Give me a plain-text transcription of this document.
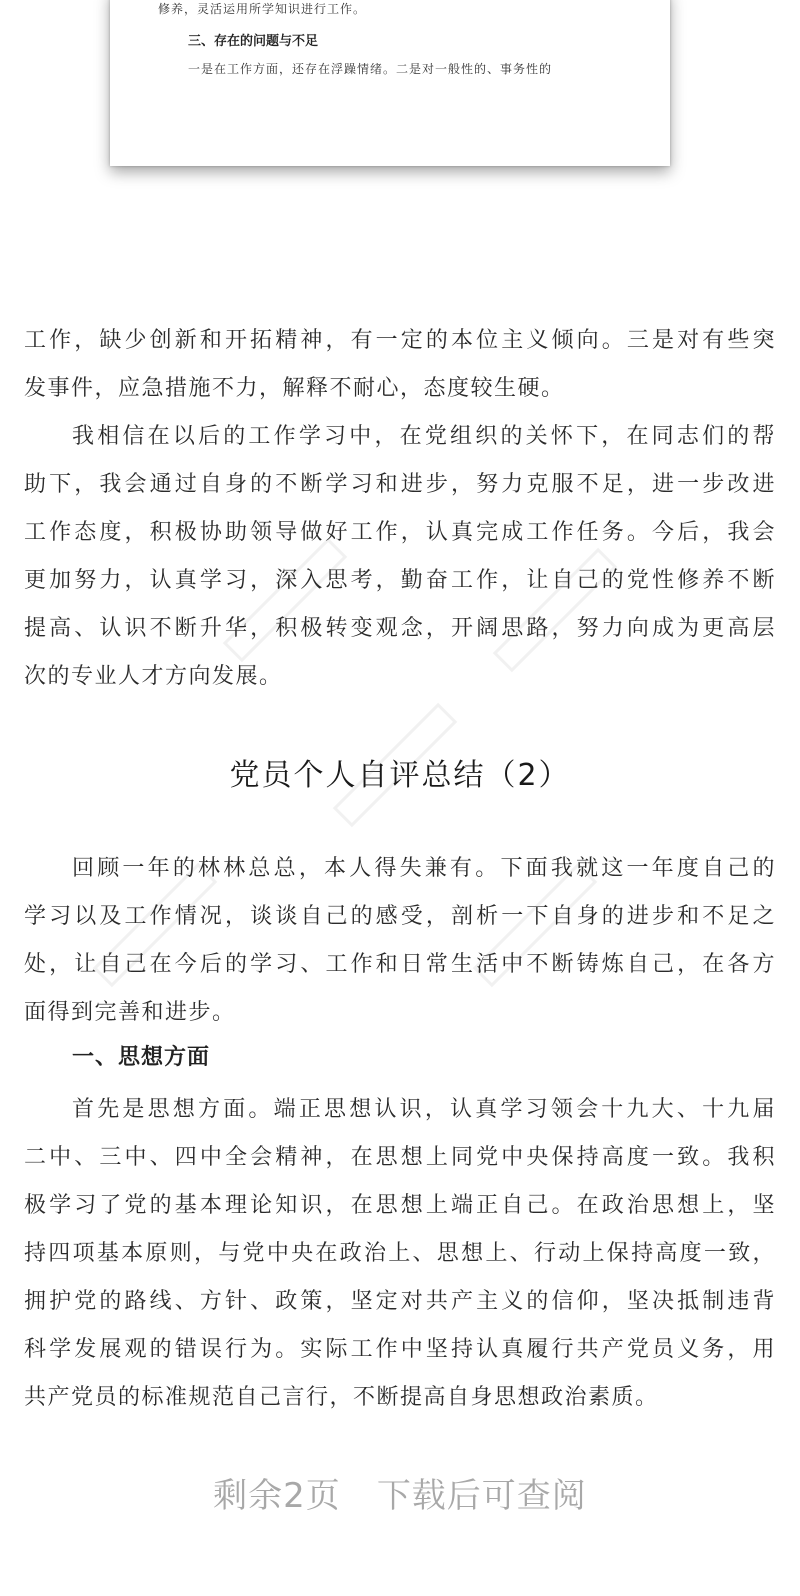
修养，灵活运用所学知识进行工作。
三、存在的问题与不足
一是在工作方面，还存在浮躁情绪。二是对一般性的、事务性的
工作，缺少创新和开拓精神，有一定的本位主义倾向。三是对有些突
发事件，应急措施不力，解释不耐心，态度较生硬。
我相信在以后的工作学习中，在党组织的关怀下，在同志们的帮
助下，我会通过自身的不断学习和进步，努力克服不足，进一步改进
工作态度，积极协助领导做好工作，认真完成工作任务。今后，我会
更加努力，认真学习，深入思考，勤奋工作，让自己的党性修养不断
提高、认识不断升华，积极转变观念，开阔思路，努力向成为更高层
次的专业人才方向发展。
党员个人自评总结（2）
回顾一年的林林总总，本人得失兼有。下面我就这一年度自己的
学习以及工作情况，谈谈自己的感受，剖析一下自身的进步和不足之
处，让自己在今后的学习、工作和日常生活中不断铸炼自己，在各方
面得到完善和进步。
一、思想方面
首先是思想方面。端正思想认识，认真学习领会十九大、十九届
二中、三中、四中全会精神，在思想上同党中央保持高度一致。我积
极学习了党的基本理论知识，在思想上端正自己。在政治思想上，坚
持四项基本原则，与党中央在政治上、思想上、行动上保持高度一致，
拥护党的路线、方针、政策，坚定对共产主义的信仰，坚决抵制违背
科学发展观的错误行为。实际工作中坚持认真履行共产党员义务，用
共产党员的标准规范自己言行，不断提高自身思想政治素质。
剩余2页 下载后可查阅
